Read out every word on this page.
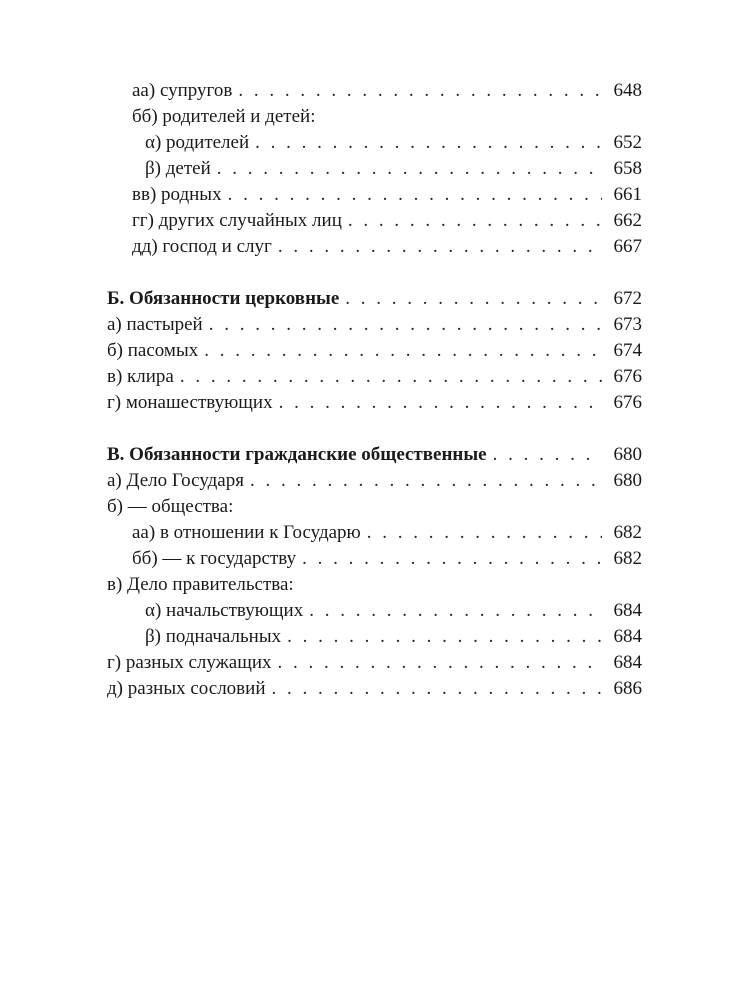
аа) супругов . . .	648
бб) родителей и детей:
α) родителей . . .	652
β) детей . . .	658
вв) родных . . .	661
гг) других случайных лиц . . .	662
дд) господ и слуг . . .	667
Б. Обязанности церковные . . .	672
а) пастырей . . .	673
б) пасомых . . .	674
в) клира . . .	676
г) монашествующих . . .	676
В. Обязанности гражданские общественные . . .	680
а) Дело Государя . . .	680
б) — общества:
аа) в отношении к Государю . . .	682
бб) — к государству . . .	682
в) Дело правительства:
α) начальствующих . . .	684
β) подначальных . . .	684
г) разных служащих . . .	684
д) разных сословий . . .	686
